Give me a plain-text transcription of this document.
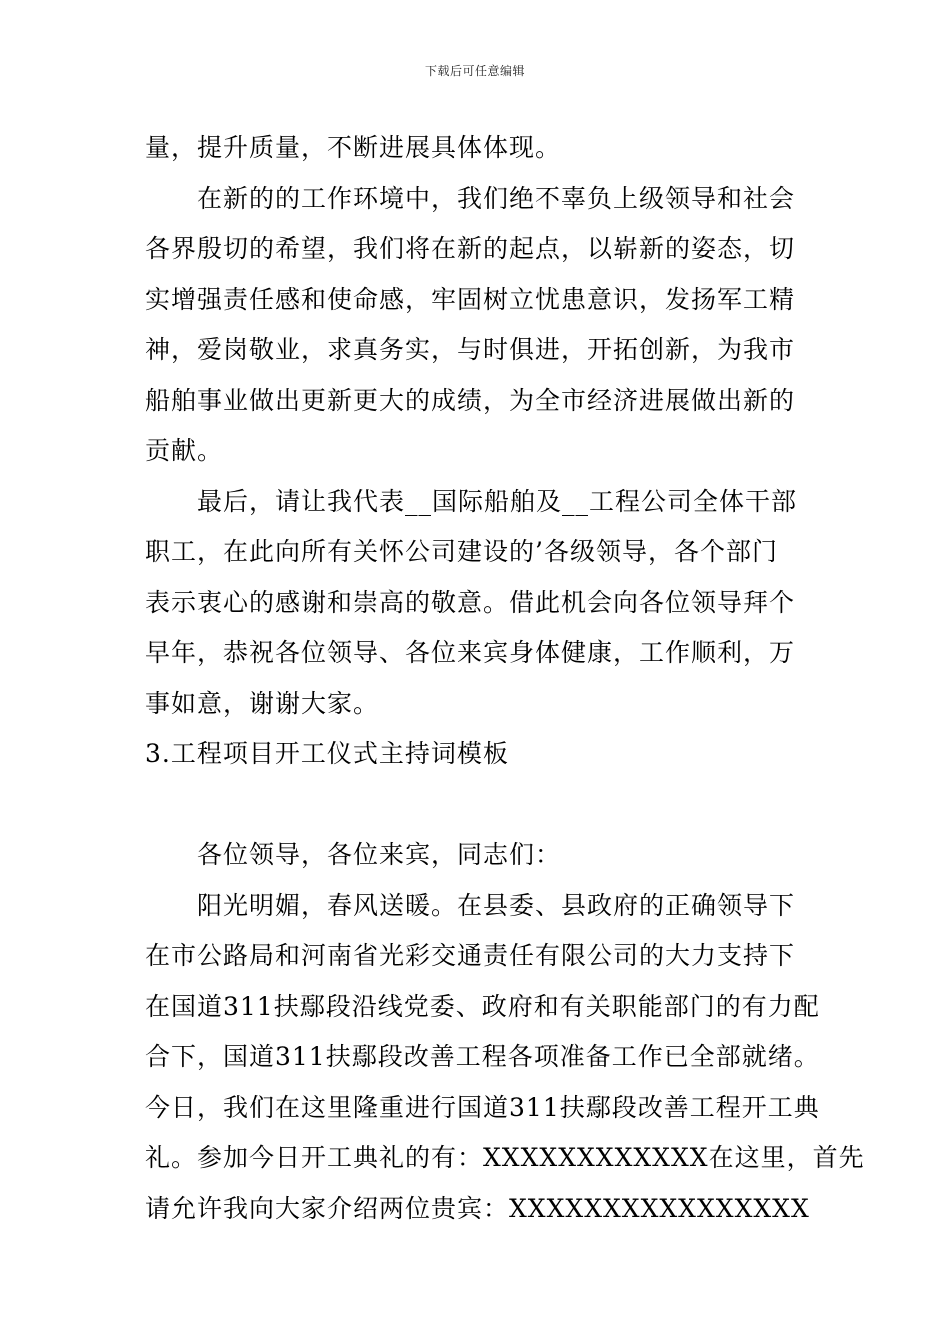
下载后可任意编辑
量，提升质量，不断进展具体体现。
在新的的工作环境中，我们绝不辜负上级领导和社会
各界殷切的希望，我们将在新的起点，以崭新的姿态，切
实增强责任感和使命感，牢固树立忧患意识，发扬军工精
神，爱岗敬业，求真务实，与时俱进，开拓创新，为我市
船舶事业做出更新更大的成绩，为全市经济进展做出新的
贡献。
最后，请让我代表__国际船舶及__工程公司全体干部
职工，在此向所有关怀公司建设的’各级领导，各个部门
表示衷心的感谢和崇高的敬意。借此机会向各位领导拜个
早年，恭祝各位领导、各位来宾身体健康，工作顺利，万
事如意，谢谢大家。
3.工程项目开工仪式主持词模板
各位领导，各位来宾，同志们：
阳光明媚，春风送暖。在县委、县政府的正确领导下
在市公路局和河南省光彩交通责任有限公司的大力支持下
在国道311扶鄢段沿线党委、政府和有关职能部门的有力配
合下，国道311扶鄢段改善工程各项准备工作已全部就绪。
今日，我们在这里隆重进行国道311扶鄢段改善工程开工典
礼。参加今日开工典礼的有：XXXXXXXXXXXX在这里，首先
请允许我向大家介绍两位贵宾：XXXXXXXXXXXXXXXX
